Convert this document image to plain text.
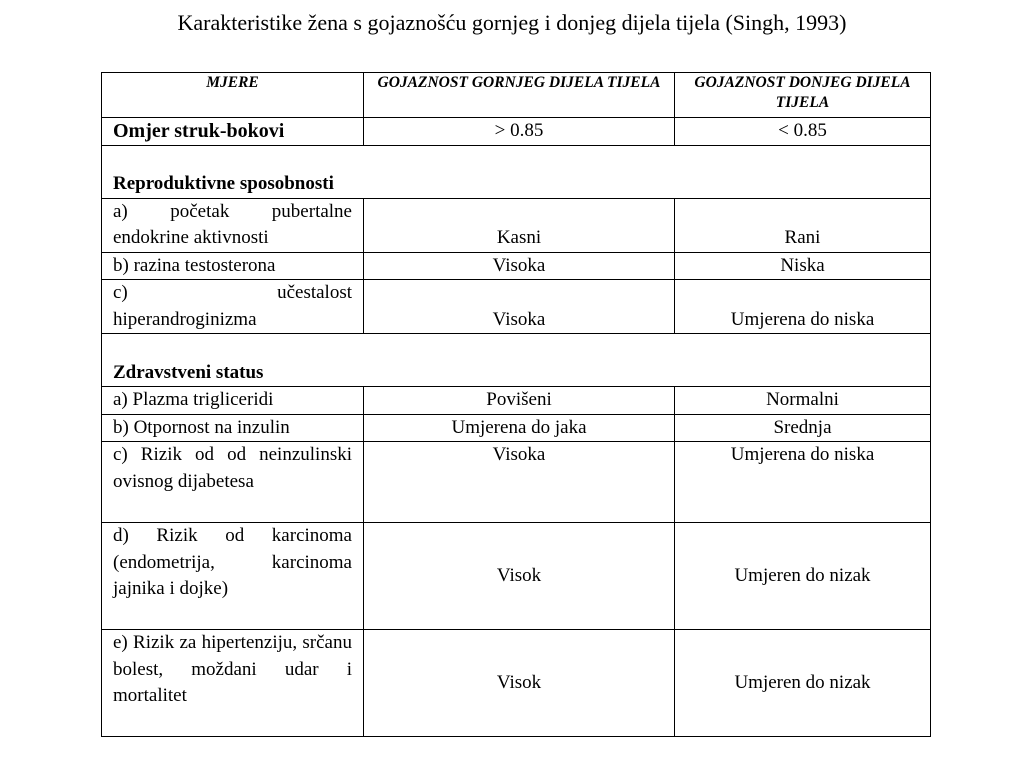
Karakteristike žena s gojaznošću gornjeg i donjeg dijela tijela (Singh, 1993)
MJERE	GOJAZNOST GORNJEG DIJELA TIJELA	GOJAZNOST DONJEG DIJELA TIJELA
Omjer struk-bokovi	> 0.85	< 0.85
Reproduktivne sposobnosti		
a) početak pubertalne endokrine aktivnosti	Kasni	Rani
b) razina testosterona	Visoka	Niska
c) učestalost hiperandroginizma	Visoka	Umjerena do niska
Zdravstveni status		
a) Plazma trigliceridi	Povišeni	Normalni
b) Otpornost na inzulin	Umjerena do jaka	Srednja
c) Rizik od od neinzulinski ovisnog dijabetesa	Visoka	Umjerena do niska
d) Rizik od karcinoma (endometrija, karcinoma jajnika i dojke)	Visok	Umjeren do nizak
e) Rizik za hipertenziju, srčanu bolest, moždani udar i mortalitet	Visok	Umjeren do nizak
